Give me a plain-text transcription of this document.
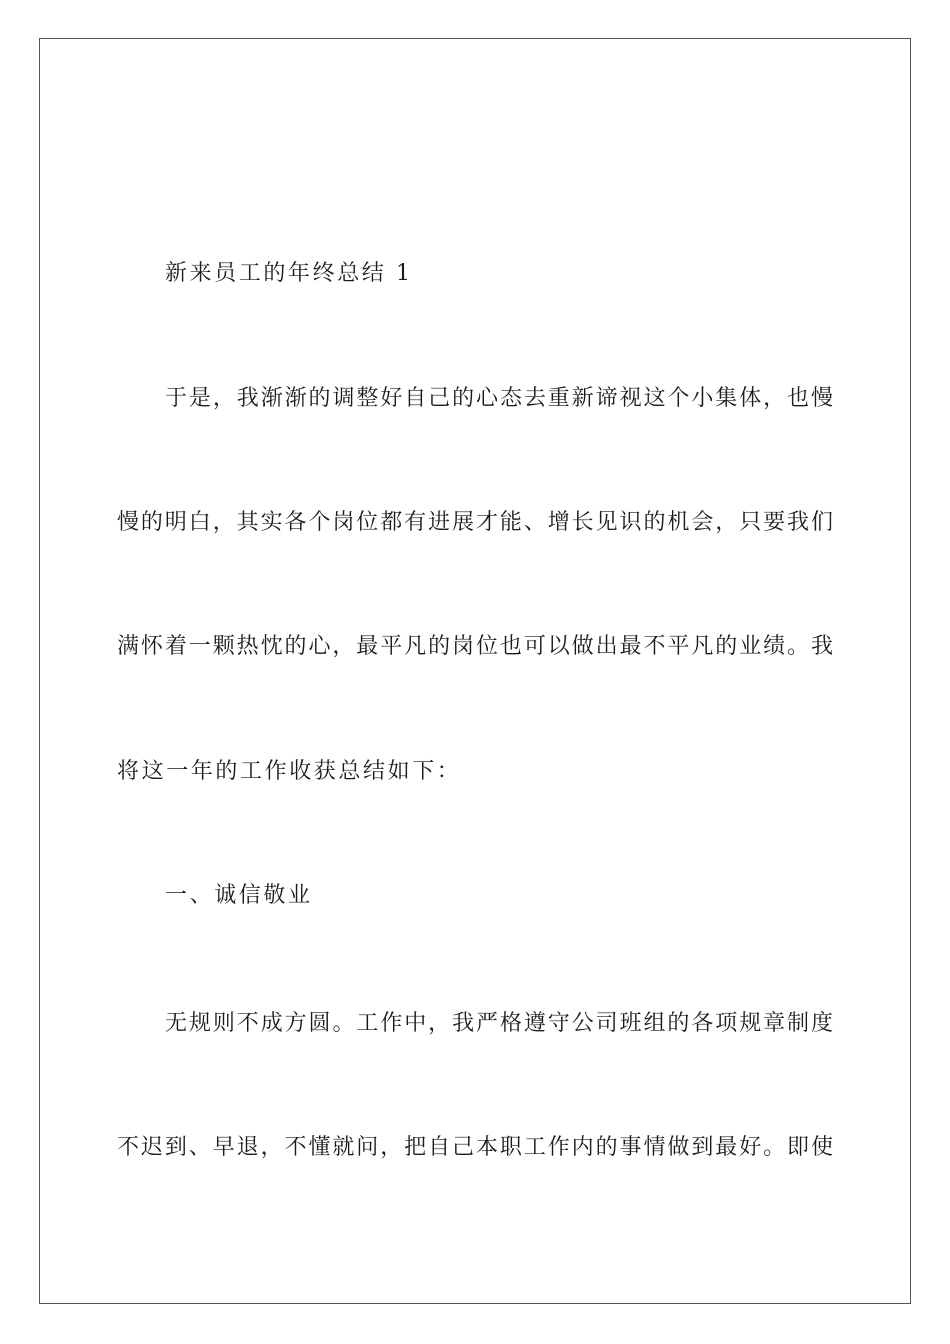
新来员工的年终总结 1
于是，我渐渐的调整好自己的心态去重新谛视这个小集体，也慢
慢的明白，其实各个岗位都有进展才能、增长见识的机会，只要我们
满怀着一颗热忱的心，最平凡的岗位也可以做出最不平凡的业绩。我
将这一年的工作收获总结如下：
一、诚信敬业
无规则不成方圆。工作中，我严格遵守公司班组的各项规章制度
不迟到、早退，不懂就问，把自己本职工作内的事情做到最好。即使
